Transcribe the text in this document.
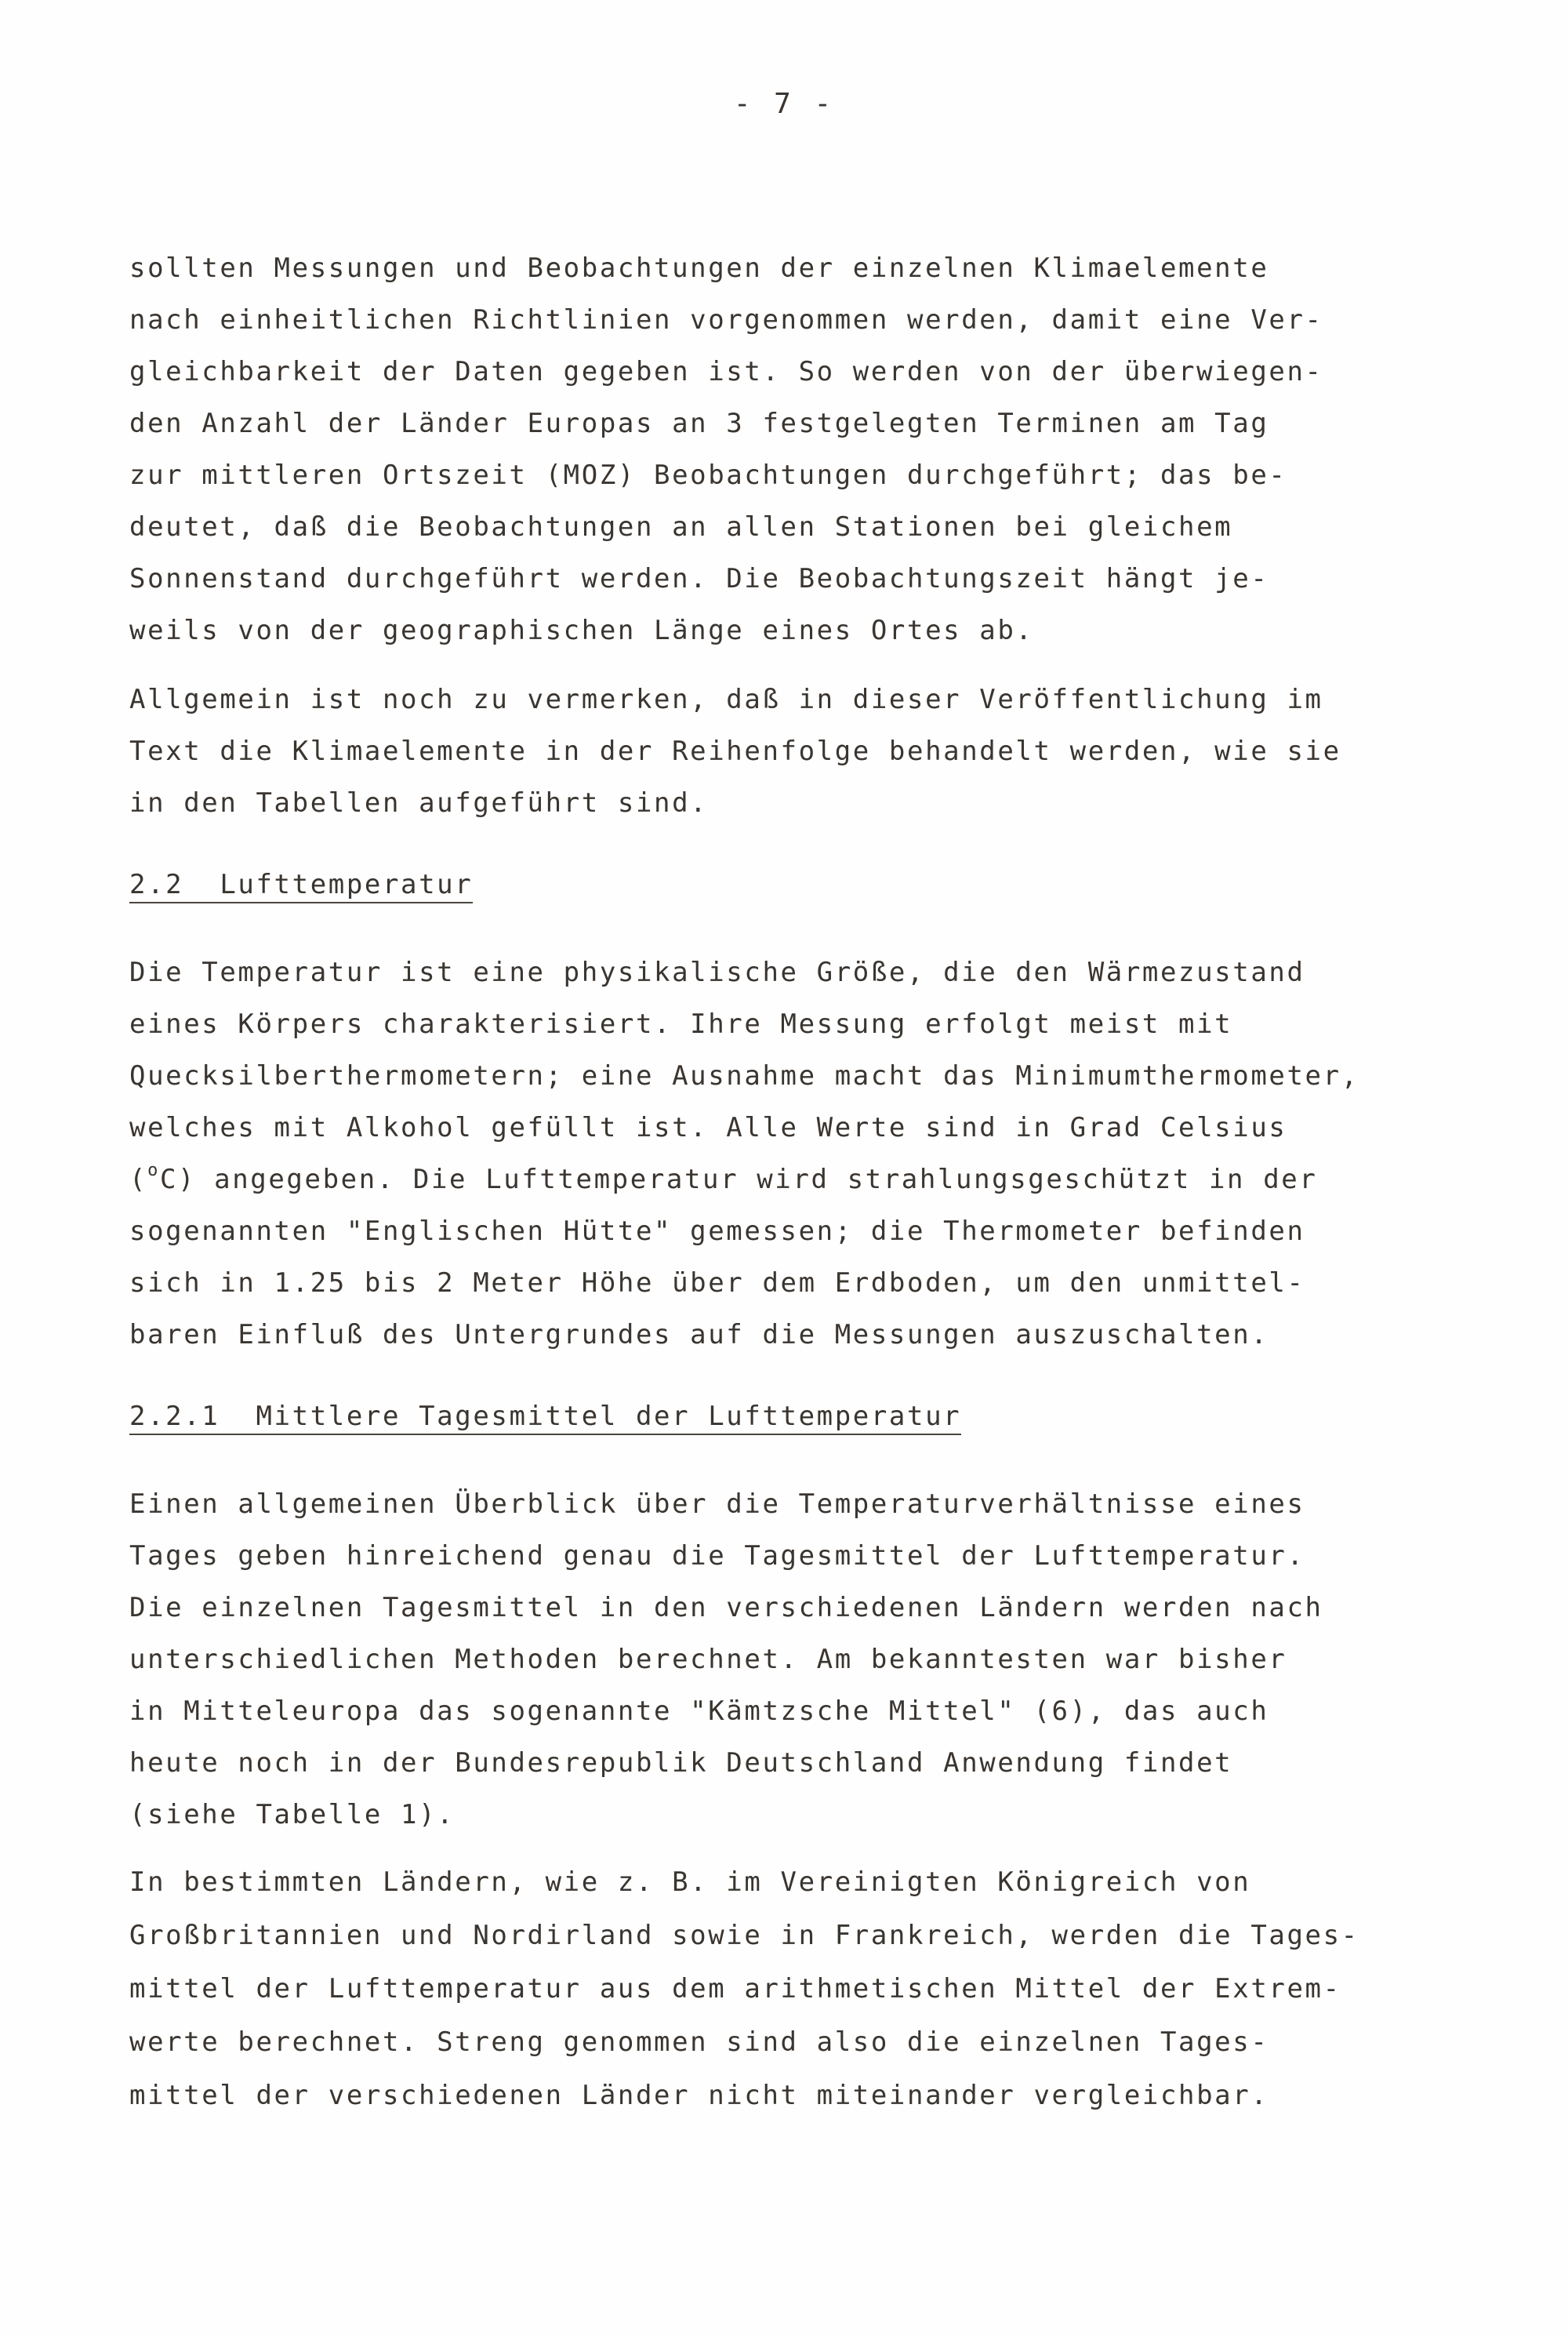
- 7 -
sollten Messungen und Beobachtungen der einzelnen Klimaelemente
nach einheitlichen Richtlinien vorgenommen werden, damit eine Ver-
gleichbarkeit der Daten gegeben ist. So werden von der überwiegen-
den Anzahl der Länder Europas an 3 festgelegten Terminen am Tag
zur mittleren Ortszeit (MOZ) Beobachtungen durchgeführt; das be-
deutet, daß die Beobachtungen an allen Stationen bei gleichem
Sonnenstand durchgeführt werden. Die Beobachtungszeit hängt je-
weils von der geographischen Länge eines Ortes ab.
Allgemein ist noch zu vermerken, daß in dieser Veröffentlichung im
Text die Klimaelemente in der Reihenfolge behandelt werden, wie sie
in den Tabellen aufgeführt sind.
2.2  Lufttemperatur
Die Temperatur ist eine physikalische Größe, die den Wärmezustand
eines Körpers charakterisiert. Ihre Messung erfolgt meist mit
Quecksilberthermometern; eine Ausnahme macht das Minimumthermometer,
welches mit Alkohol gefüllt ist. Alle Werte sind in Grad Celsius
($^o$C) angegeben. Die Lufttemperatur wird strahlungsgeschützt in der
sogenannten "Englischen Hütte" gemessen; die Thermometer befinden
sich in 1.25 bis 2 Meter Höhe über dem Erdboden, um den unmittel-
baren Einfluß des Untergrundes auf die Messungen auszuschalten.
2.2.1  Mittlere Tagesmittel der Lufttemperatur
Einen allgemeinen Überblick über die Temperaturverhältnisse eines
Tages geben hinreichend genau die Tagesmittel der Lufttemperatur.
Die einzelnen Tagesmittel in den verschiedenen Ländern werden nach
unterschiedlichen Methoden berechnet. Am bekanntesten war bisher
in Mitteleuropa das sogenannte "Kämtzsche Mittel" (6), das auch
heute noch in der Bundesrepublik Deutschland Anwendung findet
(siehe Tabelle 1).
In bestimmten Ländern, wie z. B. im Vereinigten Königreich von
Großbritannien und Nordirland sowie in Frankreich, werden die Tages-
mittel der Lufttemperatur aus dem arithmetischen Mittel der Extrem-
werte berechnet. Streng genommen sind also die einzelnen Tages-
mittel der verschiedenen Länder nicht miteinander vergleichbar.
